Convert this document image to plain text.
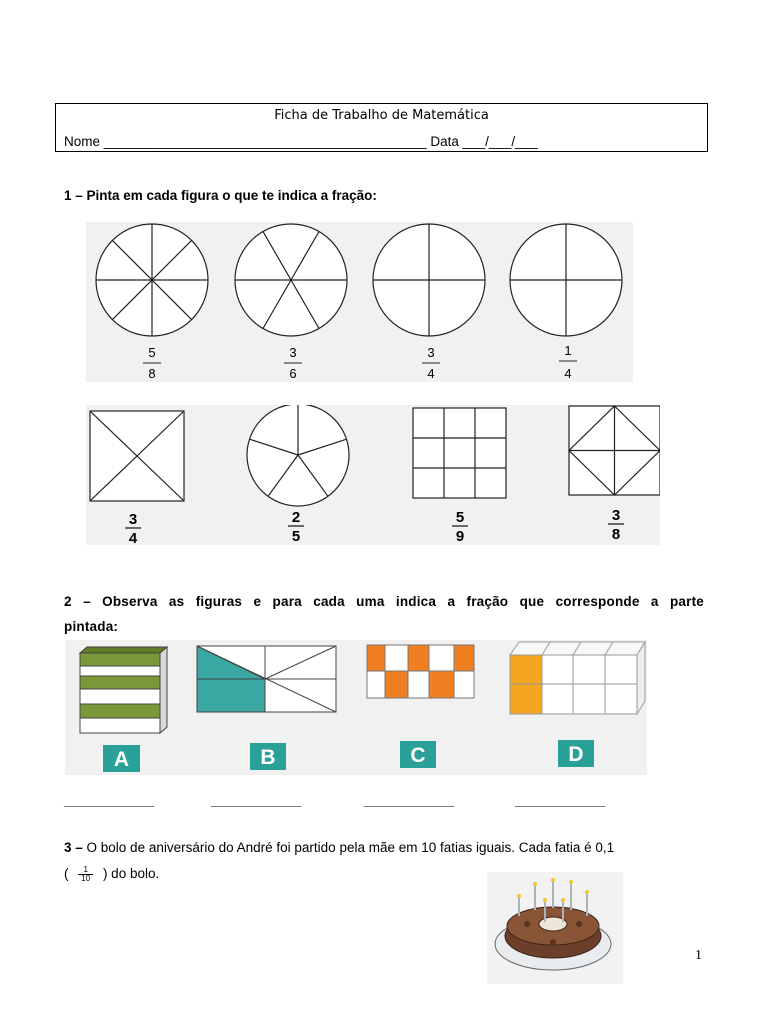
Ficha de Trabalho de Matemática
Nome ___________________________________________ Data ___/___/___
1 – Pinta em cada figura o que te indica a fração:
5
8
3
6
3
4
1
4
3
4
2
5
5
9
3
8
2 – Observa as figuras e para cada uma indica a fração que corresponde a parte
pintada:
A	B	C	D
____________	____________	____________	____________
3 – O bolo de aniversário do André foi partido pela mãe em 10 fatias iguais. Cada fatia é 0,1
( $\frac{1}{10}$ ) do bolo.
1
